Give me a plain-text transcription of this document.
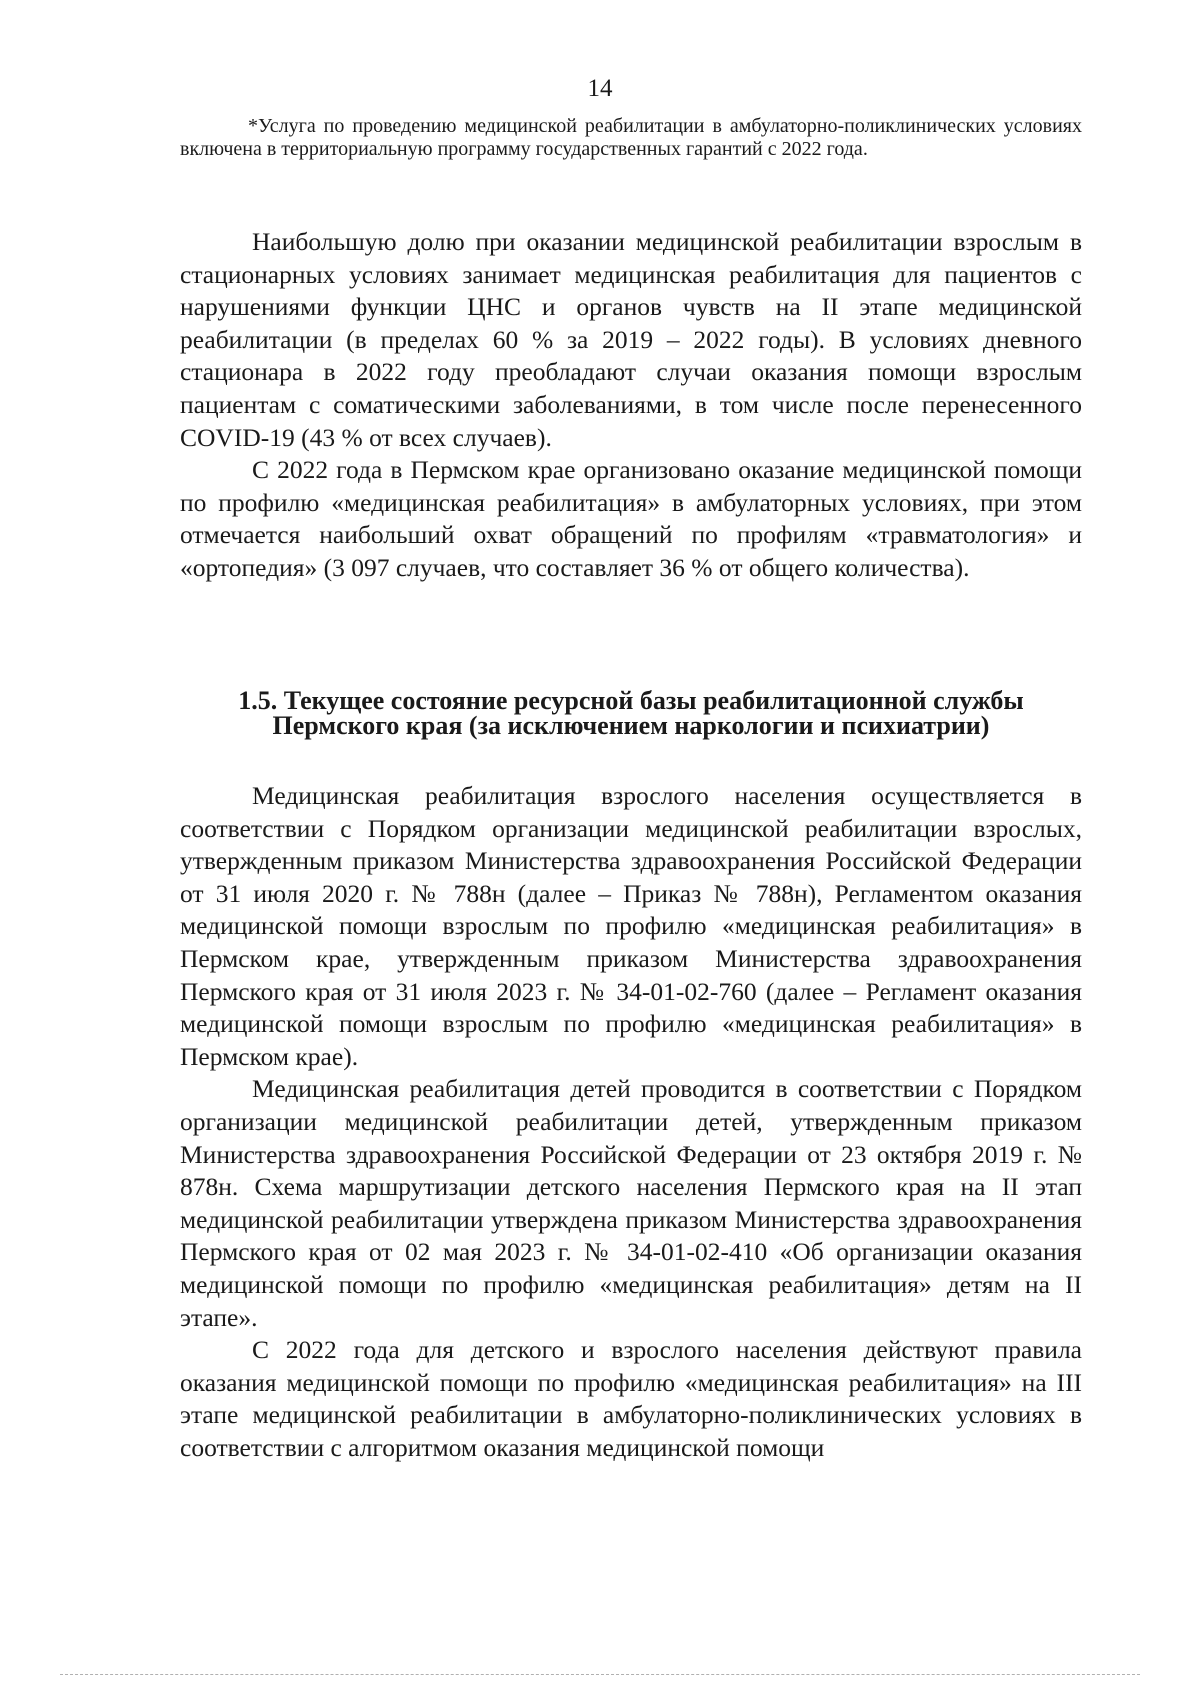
14

*Услуга по проведению медицинской реабилитации в амбулаторно-поликлинических условиях включена в территориальную программу государственных гарантий с 2022 года.

Наибольшую долю при оказании медицинской реабилитации взрослым в стационарных условиях занимает медицинская реабилитация для пациентов с нарушениями функции ЦНС и органов чувств на II этапе медицинской реабилитации (в пределах 60 % за 2019 – 2022 годы). В условиях дневного стационара в 2022 году преобладают случаи оказания помощи взрослым пациентам с соматическими заболеваниями, в том числе после перенесенного COVID-19 (43 % от всех случаев).

С 2022 года в Пермском крае организовано оказание медицинской помощи по профилю «медицинская реабилитация» в амбулаторных условиях, при этом отмечается наибольший охват обращений по профилям «травматология» и «ортопедия» (3 097 случаев, что составляет 36 % от общего количества).

1.5. Текущее состояние ресурсной базы реабилитационной службы

Пермского края (за исключением наркологии и психиатрии)

Медицинская реабилитация взрослого населения осуществляется в соответствии с Порядком организации медицинской реабилитации взрослых, утвержденным приказом Министерства здравоохранения Российской Федерации от 31 июля 2020 г. № 788н (далее – Приказ № 788н), Регламентом оказания медицинской помощи взрослым по профилю «медицинская реабилитация» в Пермском крае, утвержденным приказом Министерства здравоохранения Пермского края от 31 июля 2023 г. № 34-01-02-760 (далее – Регламент оказания медицинской помощи взрослым по профилю «медицинская реабилитация» в Пермском крае).

Медицинская реабилитация детей проводится в соответствии с Порядком организации медицинской реабилитации детей, утвержденным приказом Министерства здравоохранения Российской Федерации от 23 октября 2019 г. № 878н. Схема маршрутизации детского населения Пермского края на II этап медицинской реабилитации утверждена приказом Министерства здравоохранения Пермского края от 02 мая 2023 г. № 34-01-02-410 «Об организации оказания медицинской помощи по профилю «медицинская реабилитация» детям на II этапе».

С 2022 года для детского и взрослого населения действуют правила оказания медицинской помощи по профилю «медицинская реабилитация» на III этапе медицинской реабилитации в амбулаторно-поликлинических условиях в соответствии с алгоритмом оказания медицинской помощи
